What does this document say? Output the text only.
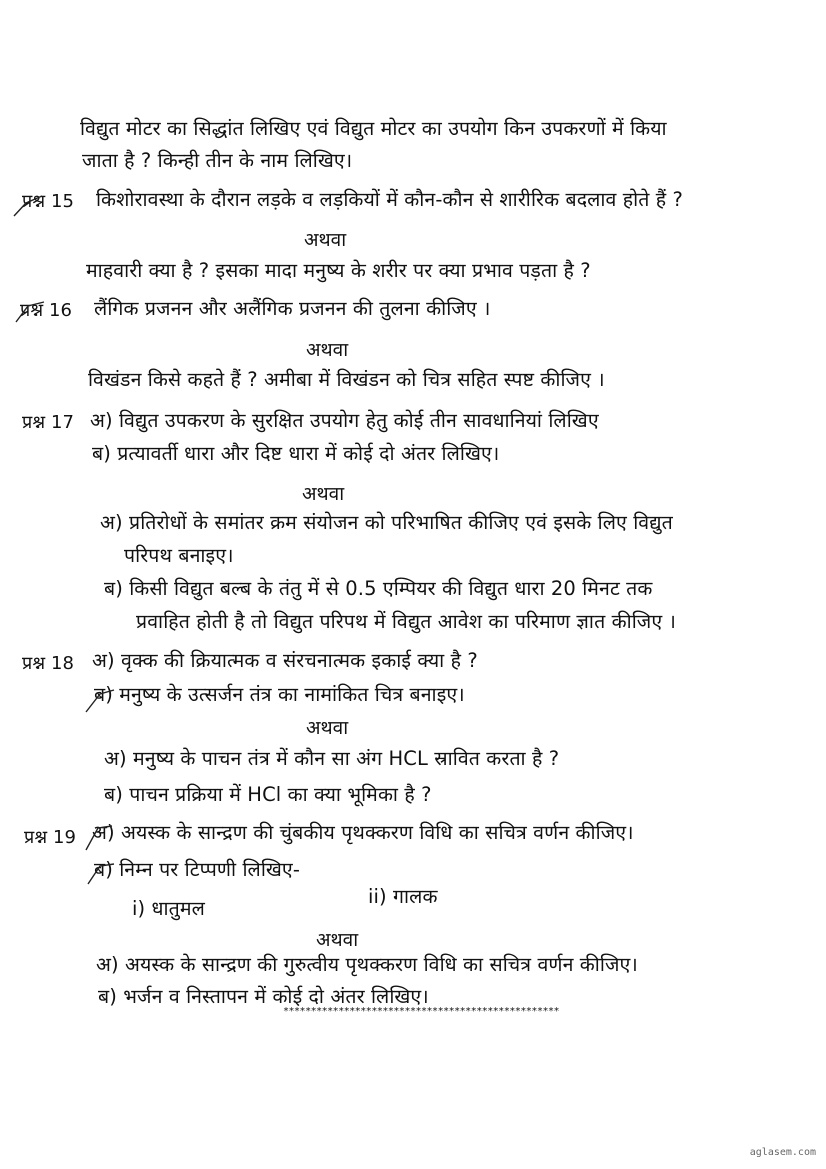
विद्युत मोटर का सिद्धांत लिखिए एवं विद्युत मोटर का उपयोग किन उपकरणों में किया
जाता है ? किन्ही तीन के नाम लिखिए।
प्रश्न 15 किशोरावस्था के दौरान लड़के व लड़कियों में कौन-कौन से शारीरिक बदलाव होते हैं ?
अथवा
माहवारी क्या है ? इसका मादा मनुष्य के शरीर पर क्या प्रभाव पड़ता है ?
प्रश्न 16 लैंगिक प्रजनन और अलैंगिक प्रजनन की तुलना कीजिए ।
अथवा
विखंडन किसे कहते हैं ? अमीबा में विखंडन को चित्र सहित स्पष्ट कीजिए ।
प्रश्न 17 अ) विद्युत उपकरण के सुरक्षित उपयोग हेतु कोई तीन सावधानियां लिखिए
ब) प्रत्यावर्ती धारा और दिष्ट धारा में कोई दो अंतर लिखिए।
अथवा
अ) प्रतिरोधों के समांतर क्रम संयोजन को परिभाषित कीजिए एवं इसके लिए विद्युत
परिपथ बनाइए।
ब) किसी विद्युत बल्ब के तंतु में से 0.5 एम्पियर की विद्युत धारा 20 मिनट तक
प्रवाहित होती है तो विद्युत परिपथ में विद्युत आवेश का परिमाण ज्ञात कीजिए ।
प्रश्न 18 अ) वृक्क की क्रियात्मक व संरचनात्मक इकाई क्या है ?
ब) मनुष्य के उत्सर्जन तंत्र का नामांकित चित्र बनाइए।
अथवा
अ) मनुष्य के पाचन तंत्र में कौन सा अंग HCL स्रावित करता है ?
ब) पाचन प्रक्रिया में HCl का क्या भूमिका है ?
प्रश्न 19 अ) अयस्क के सान्द्रण की चुंबकीय पृथक्करण विधि का सचित्र वर्णन कीजिए।
ब) निम्न पर टिप्पणी लिखिए-
i) धातुमल
ii) गालक
अथवा
अ) अयस्क के सान्द्रण की गुरुत्वीय पृथक्करण विधि का सचित्र वर्णन कीजिए।
ब) भर्जन व निस्तापन में कोई दो अंतर लिखिए।
**************************************************
aglasem.com
